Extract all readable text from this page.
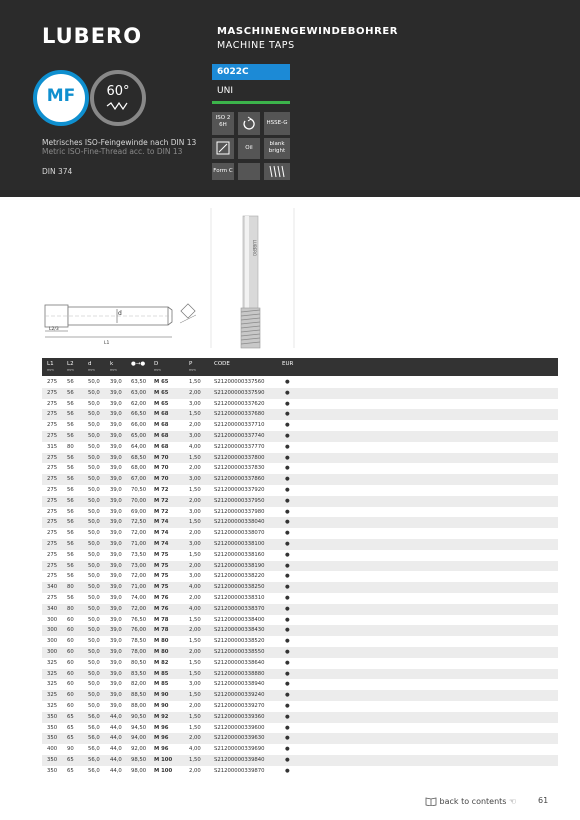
LUBERO	MASCHINENGEWINDEBOHRER
MACHINE TAPS
MF	60°
Metrisches ISO-Feingewinde nach DIN 13
Metric ISO-Fine-Thread acc. to DIN 13
DIN 374
6022C
UNI
ISO 2 6H	HSSE-G
Oil
blank bright
Form C
d
L2/3
L1
LUBERO
L1
mm
L2
mm
d
mm
k
mm
●→● D
mm
P
mm
CODE	EUR
275 56	50,0 39,0 63,50 M 65	1,50 S21200000337560	●
275 56	50,0 39,0 63,00 M 65	2,00 S21200000337590	●
275 56	50,0 39,0 62,00 M 65	3,00 S21200000337620	●
275 56	50,0 39,0 66,50 M 68	1,50 S21200000337680	●
275 56	50,0 39,0 66,00 M 68	2,00 S21200000337710	●
275 56	50,0 39,0 65,00 M 68	3,00 S21200000337740	●
315 80	50,0 39,0 64,00 M 68	4,00 S21200000337770	●
275 56	50,0 39,0 68,50 M 70	1,50 S21200000337800	●
275 56	50,0 39,0 68,00 M 70	2,00 S21200000337830	●
275 56	50,0 39,0 67,00 M 70	3,00 S21200000337860	●
275 56	50,0 39,0 70,50 M 72	1,50 S21200000337920	●
275 56	50,0 39,0 70,00 M 72	2,00 S21200000337950	●
275 56	50,0 39,0 69,00 M 72	3,00 S21200000337980	●
275 56	50,0 39,0 72,50 M 74	1,50 S21200000338040	●
275 56	50,0 39,0 72,00 M 74	2,00 S21200000338070	●
275 56	50,0 39,0 71,00 M 74	3,00 S21200000338100	●
275 56	50,0 39,0 73,50 M 75	1,50 S21200000338160	●
275 56	50,0 39,0 73,00 M 75	2,00 S21200000338190	●
275 56	50,0 39,0 72,00 M 75	3,00 S21200000338220	●
340 80	50,0 39,0 71,00 M 75	4,00 S21200000338250	●
275 56	50,0 39,0 74,00 M 76	2,00 S21200000338310	●
340 80	50,0 39,0 72,00 M 76	4,00 S21200000338370	●
300 60	50,0 39,0 76,50 M 78	1,50 S21200000338400	●
300 60	50,0 39,0 76,00 M 78	2,00 S21200000338430	●
300 60	50,0 39,0 78,50 M 80	1,50 S21200000338520	●
300 60	50,0 39,0 78,00 M 80	2,00 S21200000338550	●
325 60	50,0 39,0 80,50 M 82	1,50 S21200000338640	●
325 60	50,0 39,0 83,50 M 85	1,50 S21200000338880	●
325 60	50,0 39,0 82,00 M 85	3,00 S21200000338940	●
325 60	50,0 39,0 88,50 M 90	1,50 S21200000339240	●
325 60	50,0 39,0 88,00 M 90	2,00 S21200000339270	●
350 65	56,0 44,0 90,50 M 92	1,50 S21200000339360	●
350 65	56,0 44,0 94,50 M 96	1,50 S21200000339600	●
350 65	56,0 44,0 94,00 M 96	2,00 S21200000339630	●
400 90	56,0 44,0 92,00 M 96	4,00 S21200000339690	●
350 65	56,0 44,0 98,50 M 100	1,50 S21200000339840	●
350 65	56,0 44,0 98,00 M 100	2,00 S21200000339870	●
back to contents ☜	61
